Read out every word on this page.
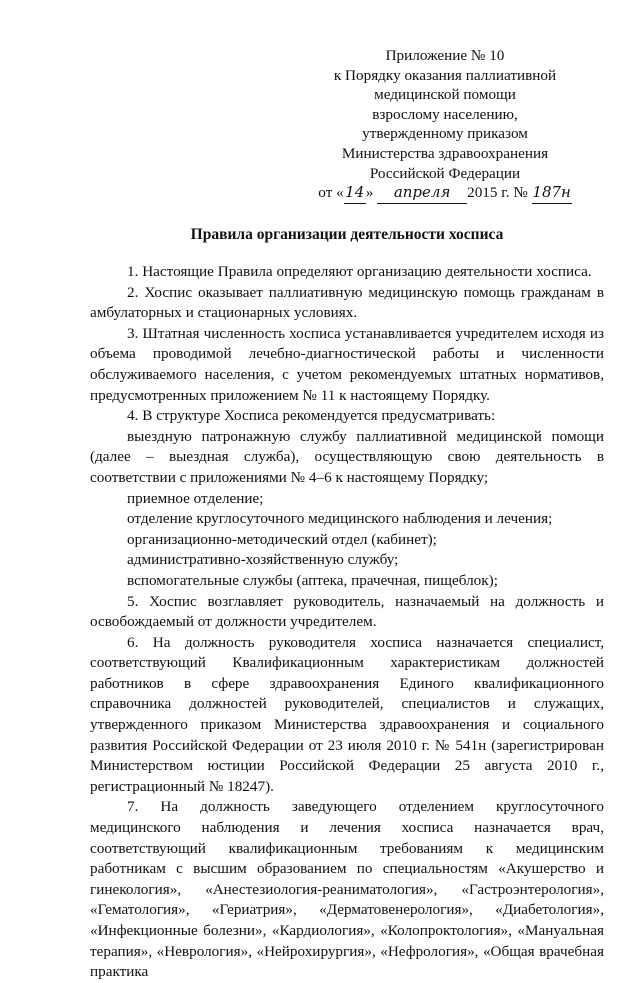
Приложение № 10
к Порядку оказания паллиативной
медицинской помощи
взрослому населению,
утвержденному приказом
Министерства здравоохранения
Российской Федерации
от «14» апреля 2015 г. № 187н
Правила организации деятельности хосписа

1. Настоящие Правила определяют организацию деятельности хосписа.

2. Хоспис оказывает паллиативную медицинскую помощь гражданам в амбулаторных и стационарных условиях.

3. Штатная численность хосписа устанавливается учредителем исходя из объема проводимой лечебно-диагностической работы и численности обслуживаемого населения, с учетом рекомендуемых штатных нормативов, предусмотренных приложением № 11 к настоящему Порядку.

4. В структуре Хосписа рекомендуется предусматривать:

выездную патронажную службу паллиативной медицинской помощи (далее – выездная служба), осуществляющую свою деятельность в соответствии с приложениями № 4–6 к настоящему Порядку;

приемное отделение;

отделение круглосуточного медицинского наблюдения и лечения;

организационно-методический отдел (кабинет);

административно-хозяйственную службу;

вспомогательные службы (аптека, прачечная, пищеблок);

5. Хоспис возглавляет руководитель, назначаемый на должность и освобождаемый от должности учредителем.

6. На должность руководителя хосписа назначается специалист, соответствующий Квалификационным характеристикам должностей работников в сфере здравоохранения Единого квалификационного справочника должностей руководителей, специалистов и служащих, утвержденного приказом Министерства здравоохранения и социального развития Российской Федерации от 23 июля 2010 г. № 541н (зарегистрирован Министерством юстиции Российской Федерации 25 августа 2010 г., регистрационный № 18247).

7. На должность заведующего отделением круглосуточного медицинского наблюдения и лечения хосписа назначается врач, соответствующий квалификационным требованиям к медицинским работникам с высшим образованием по специальностям «Акушерство и гинекология», «Анестезиология-реаниматология», «Гастроэнтерология», «Гематология», «Гериатрия», «Дерматовенерология», «Диабетология», «Инфекционные болезни», «Кардиология», «Колопроктология», «Мануальная терапия», «Неврология», «Нейрохирургия», «Нефрология», «Общая врачебная практика
